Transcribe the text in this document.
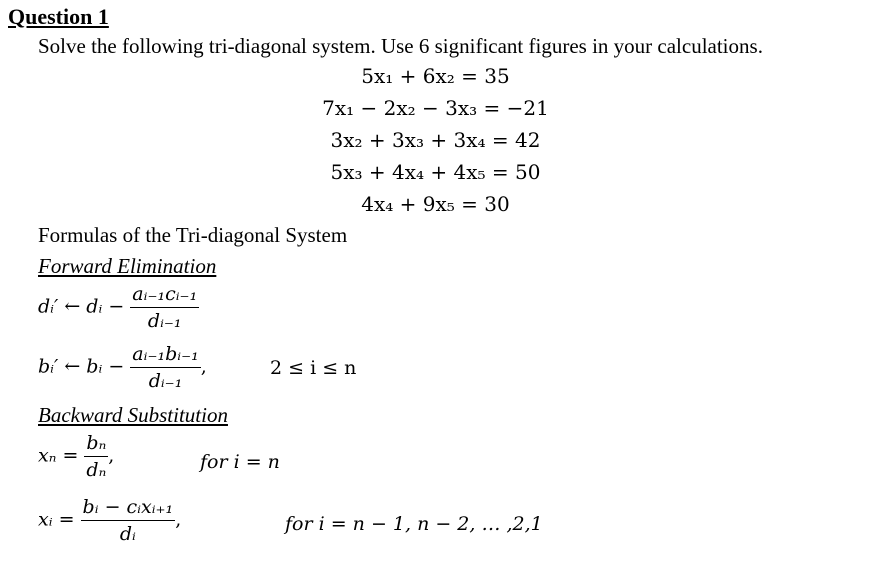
Question 1
Solve the following tri-diagonal system. Use 6 significant figures in your calculations.
5x₁ + 6x₂ = 35
7x₁ − 2x₂ − 3x₃ = −21
3x₂ + 3x₃ + 3x₄ = 42
5x₃ + 4x₄ + 4x₅ = 50
4x₄ + 9x₅ = 30
Formulas of the Tri-diagonal System
Forward Elimination
dᵢ′ ← dᵢ − $\frac{\text{aᵢ₋₁cᵢ₋₁}}{\text{dᵢ₋₁}}$
bᵢ′ ← bᵢ − $\frac{\text{aᵢ₋₁bᵢ₋₁}}{\text{dᵢ₋₁}}$ ,	2 ≤ i ≤ n
Backward Substitution
$x_n = \frac{\text{bₙ}}{\text{dₙ}}$ ,	for i = n
xᵢ = $\frac{\text{bᵢ − cᵢxᵢ₊₁}}{\text{dᵢ}}$ ,	for i = n − 1, n − 2, … ,2,1
